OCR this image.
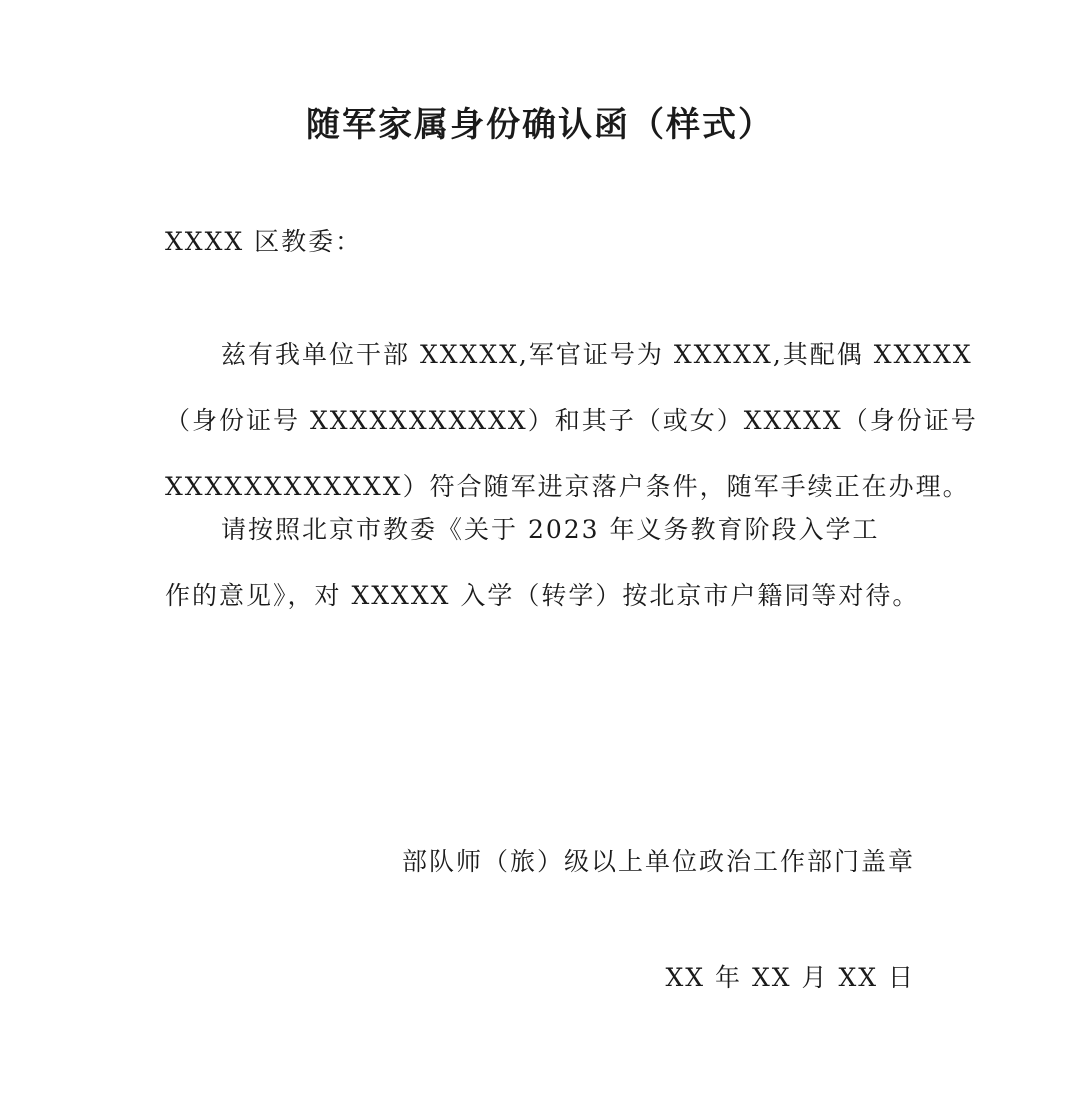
随军家属身份确认函（样式）
XXXX 区教委：
兹有我单位干部 XXXXX,军官证号为 XXXXX,其配偶 XXXXX
（身份证号 XXXXXXXXXXX）和其子（或女）XXXXX（身份证号
XXXXXXXXXXXX）符合随军进京落户条件，随军手续正在办理。
请按照北京市教委《关于 2023 年义务教育阶段入学工
作的意见》，对 XXXXX 入学（转学）按北京市户籍同等对待。
部队师（旅）级以上单位政治工作部门盖章
XX 年 XX 月 XX 日
